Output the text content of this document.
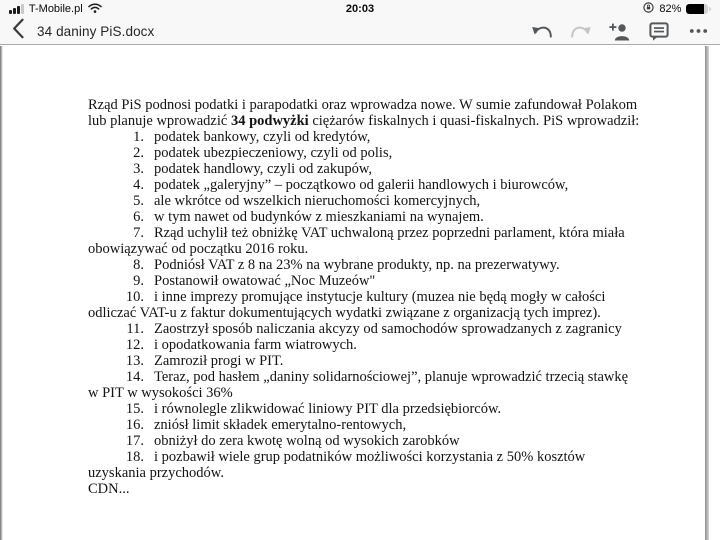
T-Mobile.pl	20:03	82%
34 daniny PiS.docx

Rząd PiS podnosi podatki i parapodatki oraz wprowadza nowe. W sumie zafundował Polakom lub planuje wprowadzić 34 podwyżki ciężarów fiskalnych i quasi-fiskalnych. PiS wprowadził:

1. podatek bankowy, czyli od kredytów,

2. podatek ubezpieczeniowy, czyli od polis,

3. podatek handlowy, czyli od zakupów,

4. podatek „galeryjny” – początkowo od galerii handlowych i biurowców,

5. ale wkrótce od wszelkich nieruchomości komercyjnych,

6. w tym nawet od budynków z mieszkaniami na wynajem.

7. Rząd uchylił też obniżkę VAT uchwaloną przez poprzedni parlament, która miała obowiązywać od początku 2016 roku.

8. Podniósł VAT z 8 na 23% na wybrane produkty, np. na prezerwatywy.

9. Postanowił owatować „Noc Muzeów"

10. i inne imprezy promujące instytucje kultury (muzea nie będą mogły w całości odliczać VAT-u z faktur dokumentujących wydatki związane z organizacją tych imprez).

11. Zaostrzył sposób naliczania akcyzy od samochodów sprowadzanych z zagranicy

12. i opodatkowania farm wiatrowych.

13. Zamroził progi w PIT.

14. Teraz, pod hasłem „daniny solidarnościowej”, planuje wprowadzić trzecią stawkę w PIT w wysokości 36%

15. i równolegle zlikwidować liniowy PIT dla przedsiębiorców.

16. zniósł limit składek emerytalno-rentowych,

17. obniżył do zera kwotę wolną od wysokich zarobków

18. i pozbawił wiele grup podatników możliwości korzystania z 50% kosztów uzyskania przychodów.

CDN...
